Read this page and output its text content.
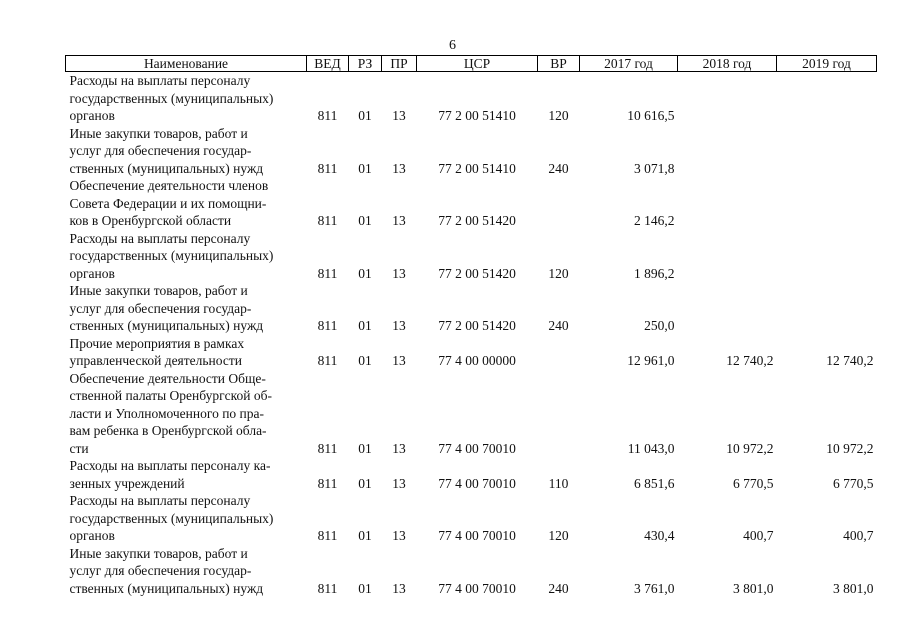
6
Наименование	ВЕД	РЗ	ПР	ЦСР	ВР	2017 год	2018 год	2019 год

Расходы на выплаты персоналу
государственных (муниципальных)
органов	811	01	13	77 2 00 51410	120	10 616,5		

Иные закупки товаров, работ и
услуг для обеспечения государ-
ственных (муниципальных) нужд	811	01	13	77 2 00 51410	240	3 071,8		

Обеспечение деятельности членов
Совета Федерации и их помощни-
ков в Оренбургской области	811	01	13	77 2 00 51420		2 146,2		

Расходы на выплаты персоналу
государственных (муниципальных)
органов	811	01	13	77 2 00 51420	120	1 896,2		

Иные закупки товаров, работ и
услуг для обеспечения государ-
ственных (муниципальных) нужд	811	01	13	77 2 00 51420	240	250,0		

Прочие мероприятия в рамках
управленческой деятельности	811	01	13	77 4 00 00000		12 961,0	12 740,2	12 740,2

Обеспечение деятельности Обще-
ственной палаты Оренбургской об-
ласти и Уполномоченного по пра-
вам ребенка в Оренбургской обла-
сти	811	01	13	77 4 00 70010		11 043,0	10 972,2	10 972,2

Расходы на выплаты персоналу ка-
зенных учреждений	811	01	13	77 4 00 70010	110	6 851,6	6 770,5	6 770,5

Расходы на выплаты персоналу
государственных (муниципальных)
органов	811	01	13	77 4 00 70010	120	430,4	400,7	400,7

Иные закупки товаров, работ и
услуг для обеспечения государ-
ственных (муниципальных) нужд	811	01	13	77 4 00 70010	240	3 761,0	3 801,0	3 801,0
